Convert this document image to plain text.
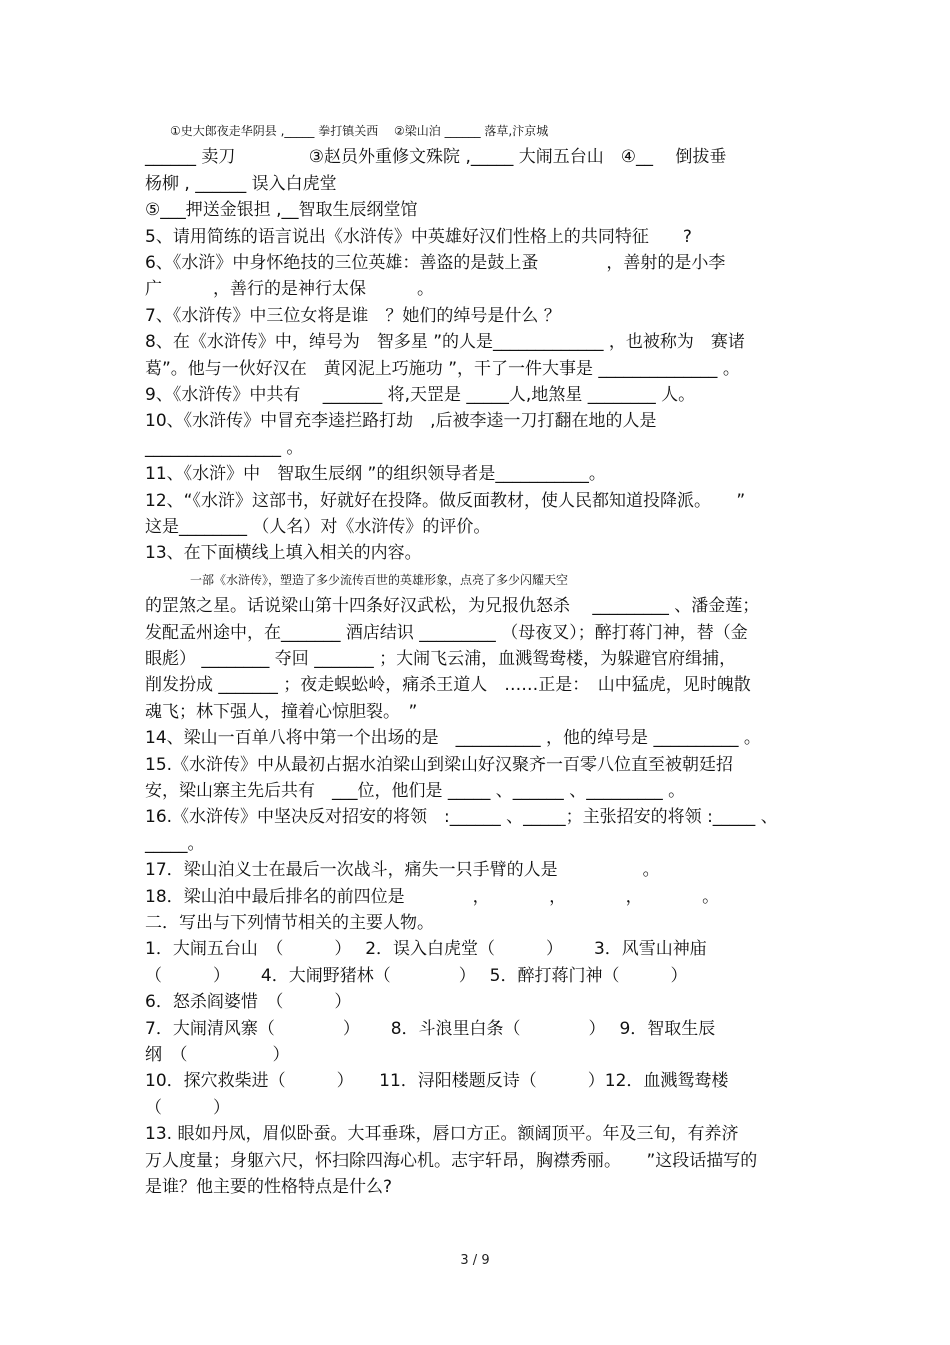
①史大郎夜走华阴县 ,_____ 拳打镇关西　 ②梁山泊 ______ 落草,汴京城
______ 卖刀　　　　 ③赵员外重修文殊院 ,_____ 大闹五台山　④__　 倒拔垂
杨柳 , ______ 误入白虎堂
⑤___押送金银担 ,__智取生辰纲堂馆
5、请用简练的语言说出《水浒传》中英雄好汉们性格上的共同特征　　?
6、《水浒》中身怀绝技的三位英雄：善盗的是鼓上蚤　　　　，善射的是小李
广　　　，善行的是神行太保　　　。
7、《水浒传》中三位女将是谁　？她们的绰号是什么 ？
8、在《水浒传》中，绰号为　智多星 ”的人是_____________ ，也被称为　赛诸
葛”。他与一伙好汉在　黄冈泥上巧施功 ”，干了一件大事是 ______________ 。
9、《水浒传》中共有　 _______ 将,天罡是 _____人,地煞星 ________ 人。
10、《水浒传》中冒充李逵拦路打劫　,后被李逵一刀打翻在地的人是
________________ 。
11、《水浒》中　智取生辰纲 ”的组织领导者是___________。
12、“《水浒》这部书，好就好在投降。做反面教材，使人民都知道投降派。　　”
这是________ （人名）对《水浒传》的评价。
13、在下面横线上填入相关的内容。
一部《水浒传》，塑造了多少流传百世的英雄形象，点亮了多少闪耀天空
的罡煞之星。话说梁山第十四条好汉武松，为兄报仇怒杀　 _________ 、潘金莲；
发配孟州途中，在_______ 酒店结识 _________ （母夜叉）；醉打蒋门神，替（金
眼彪） ________ 夺回 _______ ；大闹飞云浦，血溅鸳鸯楼，为躲避官府缉捕，
削发扮成 _______ ；夜走蜈蚣岭，痛杀王道人　……正是：　山中猛虎，见时魄散
魂飞；林下强人，撞着心惊胆裂。　”
14、梁山一百单八将中第一个出场的是　__________ ，他的绰号是 __________ 。
15.《水浒传》中从最初占据水泊梁山到梁山好汉聚齐一百零八位直至被朝廷招
安，梁山寨主先后共有　___位，他们是 _____ 、______ 、_________ 。
16.《水浒传》中坚决反对招安的将领　:______ 、_____；主张招安的将领 :_____ 、
_____。
17．梁山泊义士在最后一次战斗，痛失一只手臂的人是　　　　　。
18．梁山泊中最后排名的前四位是　　　　，　　　　，　　　　，　　　　。
二．写出与下列情节相关的主要人物。
1．大闹五台山　（　　　）　 2．误入白虎堂（　　　）　　 3．风雪山神庙
（　　　）　　 4．大闹野猪林（　　　　）　 5．醉打蒋门神（　　　）
6．怒杀阎婆惜　（　　　）
7．大闹清风寨（　　　　）　　 8．斗浪里白条（　　　　）　 9．智取生辰
纲　（　　　　　）
10．探穴救柴进（　　　）　　11．浔阳楼题反诗（　　　）12．血溅鸳鸯楼
（　　　）
13. 眼如丹凤，眉似卧蚕。大耳垂珠，唇口方正。额阔顶平。年及三旬，有养济
万人度量；身躯六尺，怀扫除四海心机。志宇轩昂，胸襟秀丽。　　”这段话描写的
是谁？他主要的性格特点是什么?
3 / 9
